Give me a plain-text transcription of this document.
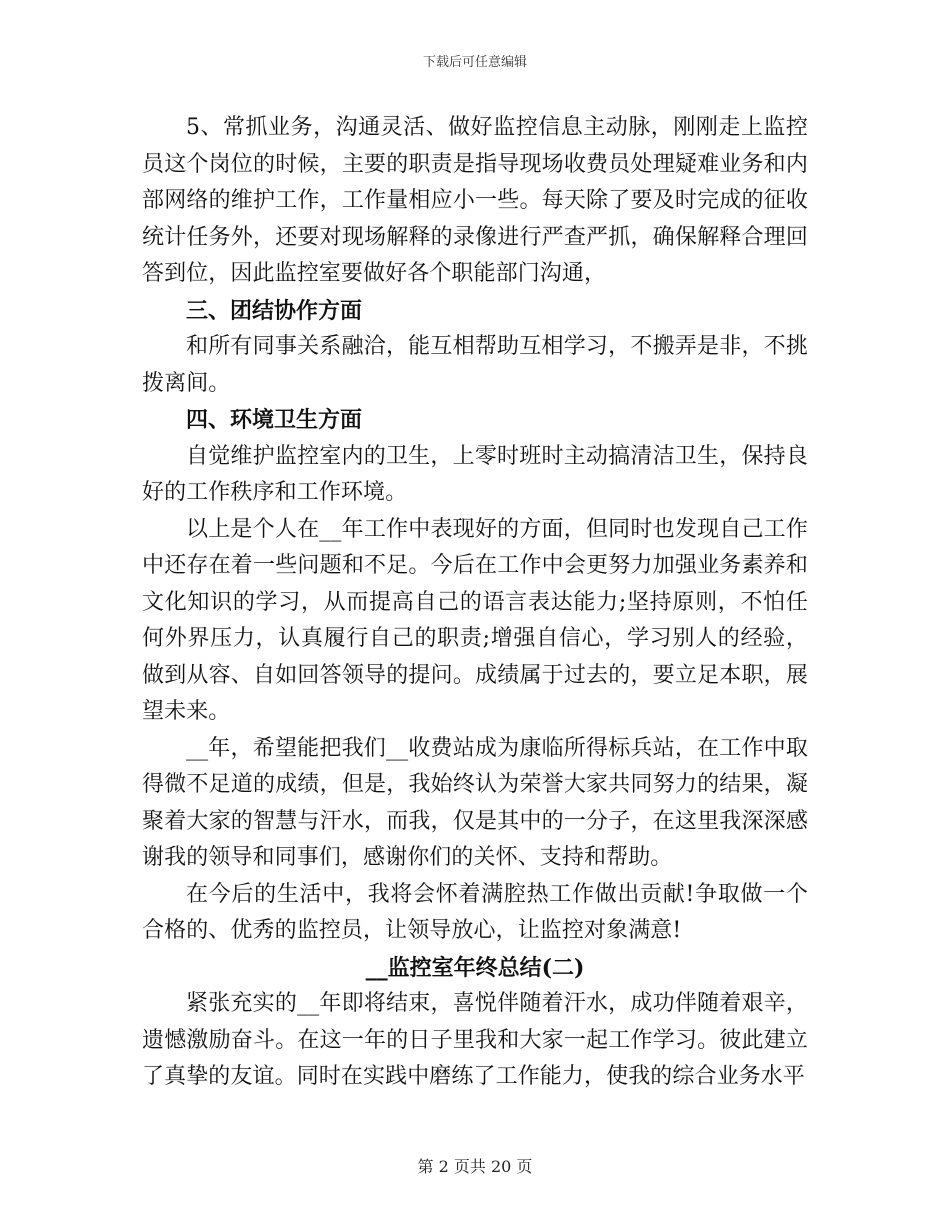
下载后可任意编辑

5、常抓业务，沟通灵活、做好监控信息主动脉，刚刚走上监控员这个岗位的时候，主要的职责是指导现场收费员处理疑难业务和内部网络的维护工作，工作量相应小一些。每天除了要及时完成的征收统计任务外，还要对现场解释的录像进行严查严抓，确保解释合理回答到位，因此监控室要做好各个职能部门沟通，

三、团结协作方面

和所有同事关系融洽，能互相帮助互相学习，不搬弄是非，不挑拨离间。

四、环境卫生方面

自觉维护监控室内的卫生，上零时班时主动搞清洁卫生，保持良好的工作秩序和工作环境。

以上是个人在__年工作中表现好的方面，但同时也发现自己工作中还存在着一些问题和不足。今后在工作中会更努力加强业务素养和文化知识的学习，从而提高自己的语言表达能力;坚持原则，不怕任何外界压力，认真履行自己的职责;增强自信心，学习别人的经验，做到从容、自如回答领导的提问。成绩属于过去的，要立足本职，展望未来。

__年，希望能把我们__收费站成为康临所得标兵站，在工作中取得微不足道的成绩，但是，我始终认为荣誉大家共同努力的结果，凝聚着大家的智慧与汗水，而我，仅是其中的一分子，在这里我深深感谢我的领导和同事们，感谢你们的关怀、支持和帮助。

在今后的生活中，我将会怀着满腔热工作做出贡献!争取做一个合格的、优秀的监控员，让领导放心，让监控对象满意!

__监控室年终总结(二)

紧张充实的__年即将结束，喜悦伴随着汗水，成功伴随着艰辛，遗憾激励奋斗。在这一年的日子里我和大家一起工作学习。彼此建立了真挚的友谊。同时在实践中磨练了工作能力，使我的综合业务水平

第 2 页共 20 页
